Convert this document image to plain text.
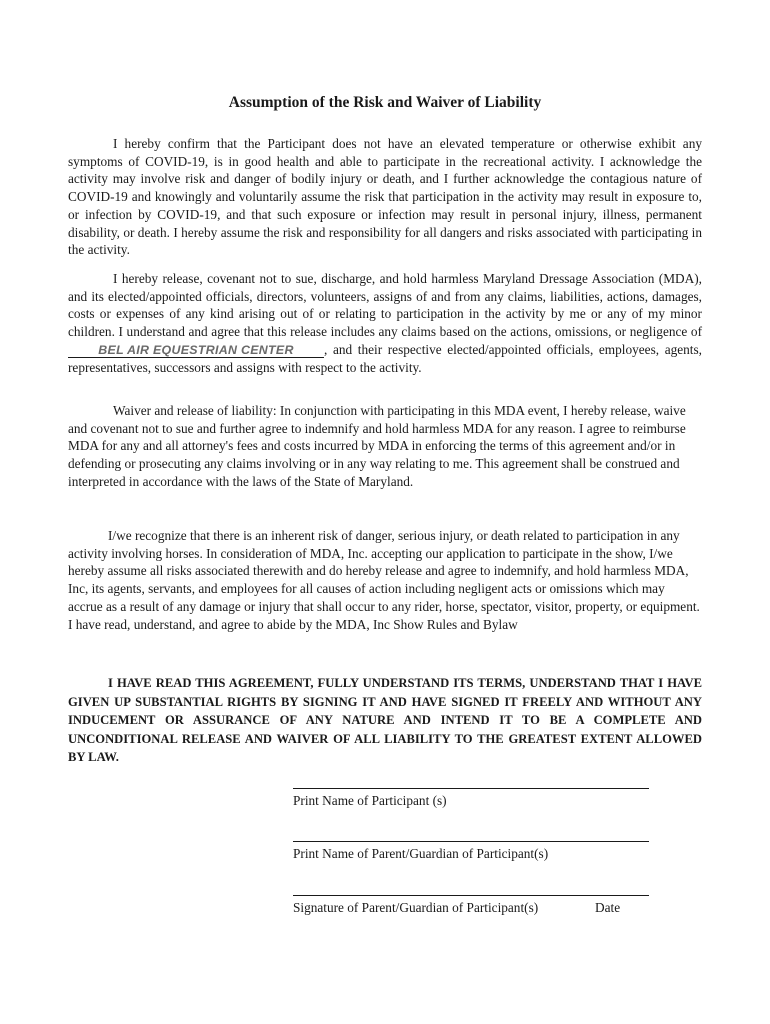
Assumption of the Risk and Waiver of Liability

I hereby confirm that the Participant does not have an elevated temperature or otherwise exhibit any symptoms of COVID-19, is in good health and able to participate in the recreational activity. I acknowledge the activity may involve risk and danger of bodily injury or death, and I further acknowledge the contagious nature of COVID-19 and knowingly and voluntarily assume the risk that participation in the activity may result in exposure to, or infection by COVID-19, and that such exposure or infection may result in personal injury, illness, permanent disability, or death. I hereby assume the risk and responsibility for all dangers and risks associated with participating in the activity.

I hereby release, covenant not to sue, discharge, and hold harmless Maryland Dressage Association (MDA), and its elected/appointed officials, directors, volunteers, assigns of and from any claims, liabilities, actions, damages, costs or expenses of any kind arising out of or relating to participation in the activity by me or any of my minor children. I understand and agree that this release includes any claims based on the actions, omissions, or negligence of BEL AIR EQUESTRIAN CENTER , and their respective elected/appointed officials, employees, agents, representatives, successors and assigns with respect to the activity.

Waiver and release of liability: In conjunction with participating in this MDA event, I hereby release, waive and covenant not to sue and further agree to indemnify and hold harmless MDA for any reason. I agree to reimburse MDA for any and all attorney's fees and costs incurred by MDA in enforcing the terms of this agreement and/or in defending or prosecuting any claims involving or in any way relating to me. This agreement shall be construed and interpreted in accordance with the laws of the State of Maryland.

I/we recognize that there is an inherent risk of danger, serious injury, or death related to participation in any activity involving horses. In consideration of MDA, Inc. accepting our application to participate in the show, I/we hereby assume all risks associated therewith and do hereby release and agree to indemnify, and hold harmless MDA, Inc, its agents, servants, and employees for all causes of action including negligent acts or omissions which may accrue as a result of any damage or injury that shall occur to any rider, horse, spectator, visitor, property, or equipment. I have read, understand, and agree to abide by the MDA, Inc Show Rules and Bylaw

I HAVE READ THIS AGREEMENT, FULLY UNDERSTAND ITS TERMS, UNDERSTAND THAT I HAVE GIVEN UP SUBSTANTIAL RIGHTS BY SIGNING IT AND HAVE SIGNED IT FREELY AND WITHOUT ANY INDUCEMENT OR ASSURANCE OF ANY NATURE AND INTEND IT TO BE A COMPLETE AND UNCONDITIONAL RELEASE AND WAIVER OF ALL LIABILITY TO THE GREATEST EXTENT ALLOWED BY LAW.

Print Name of Participant (s)
Print Name of Parent/Guardian of Participant(s)
Signature of Parent/Guardian of Participant(s)	Date
